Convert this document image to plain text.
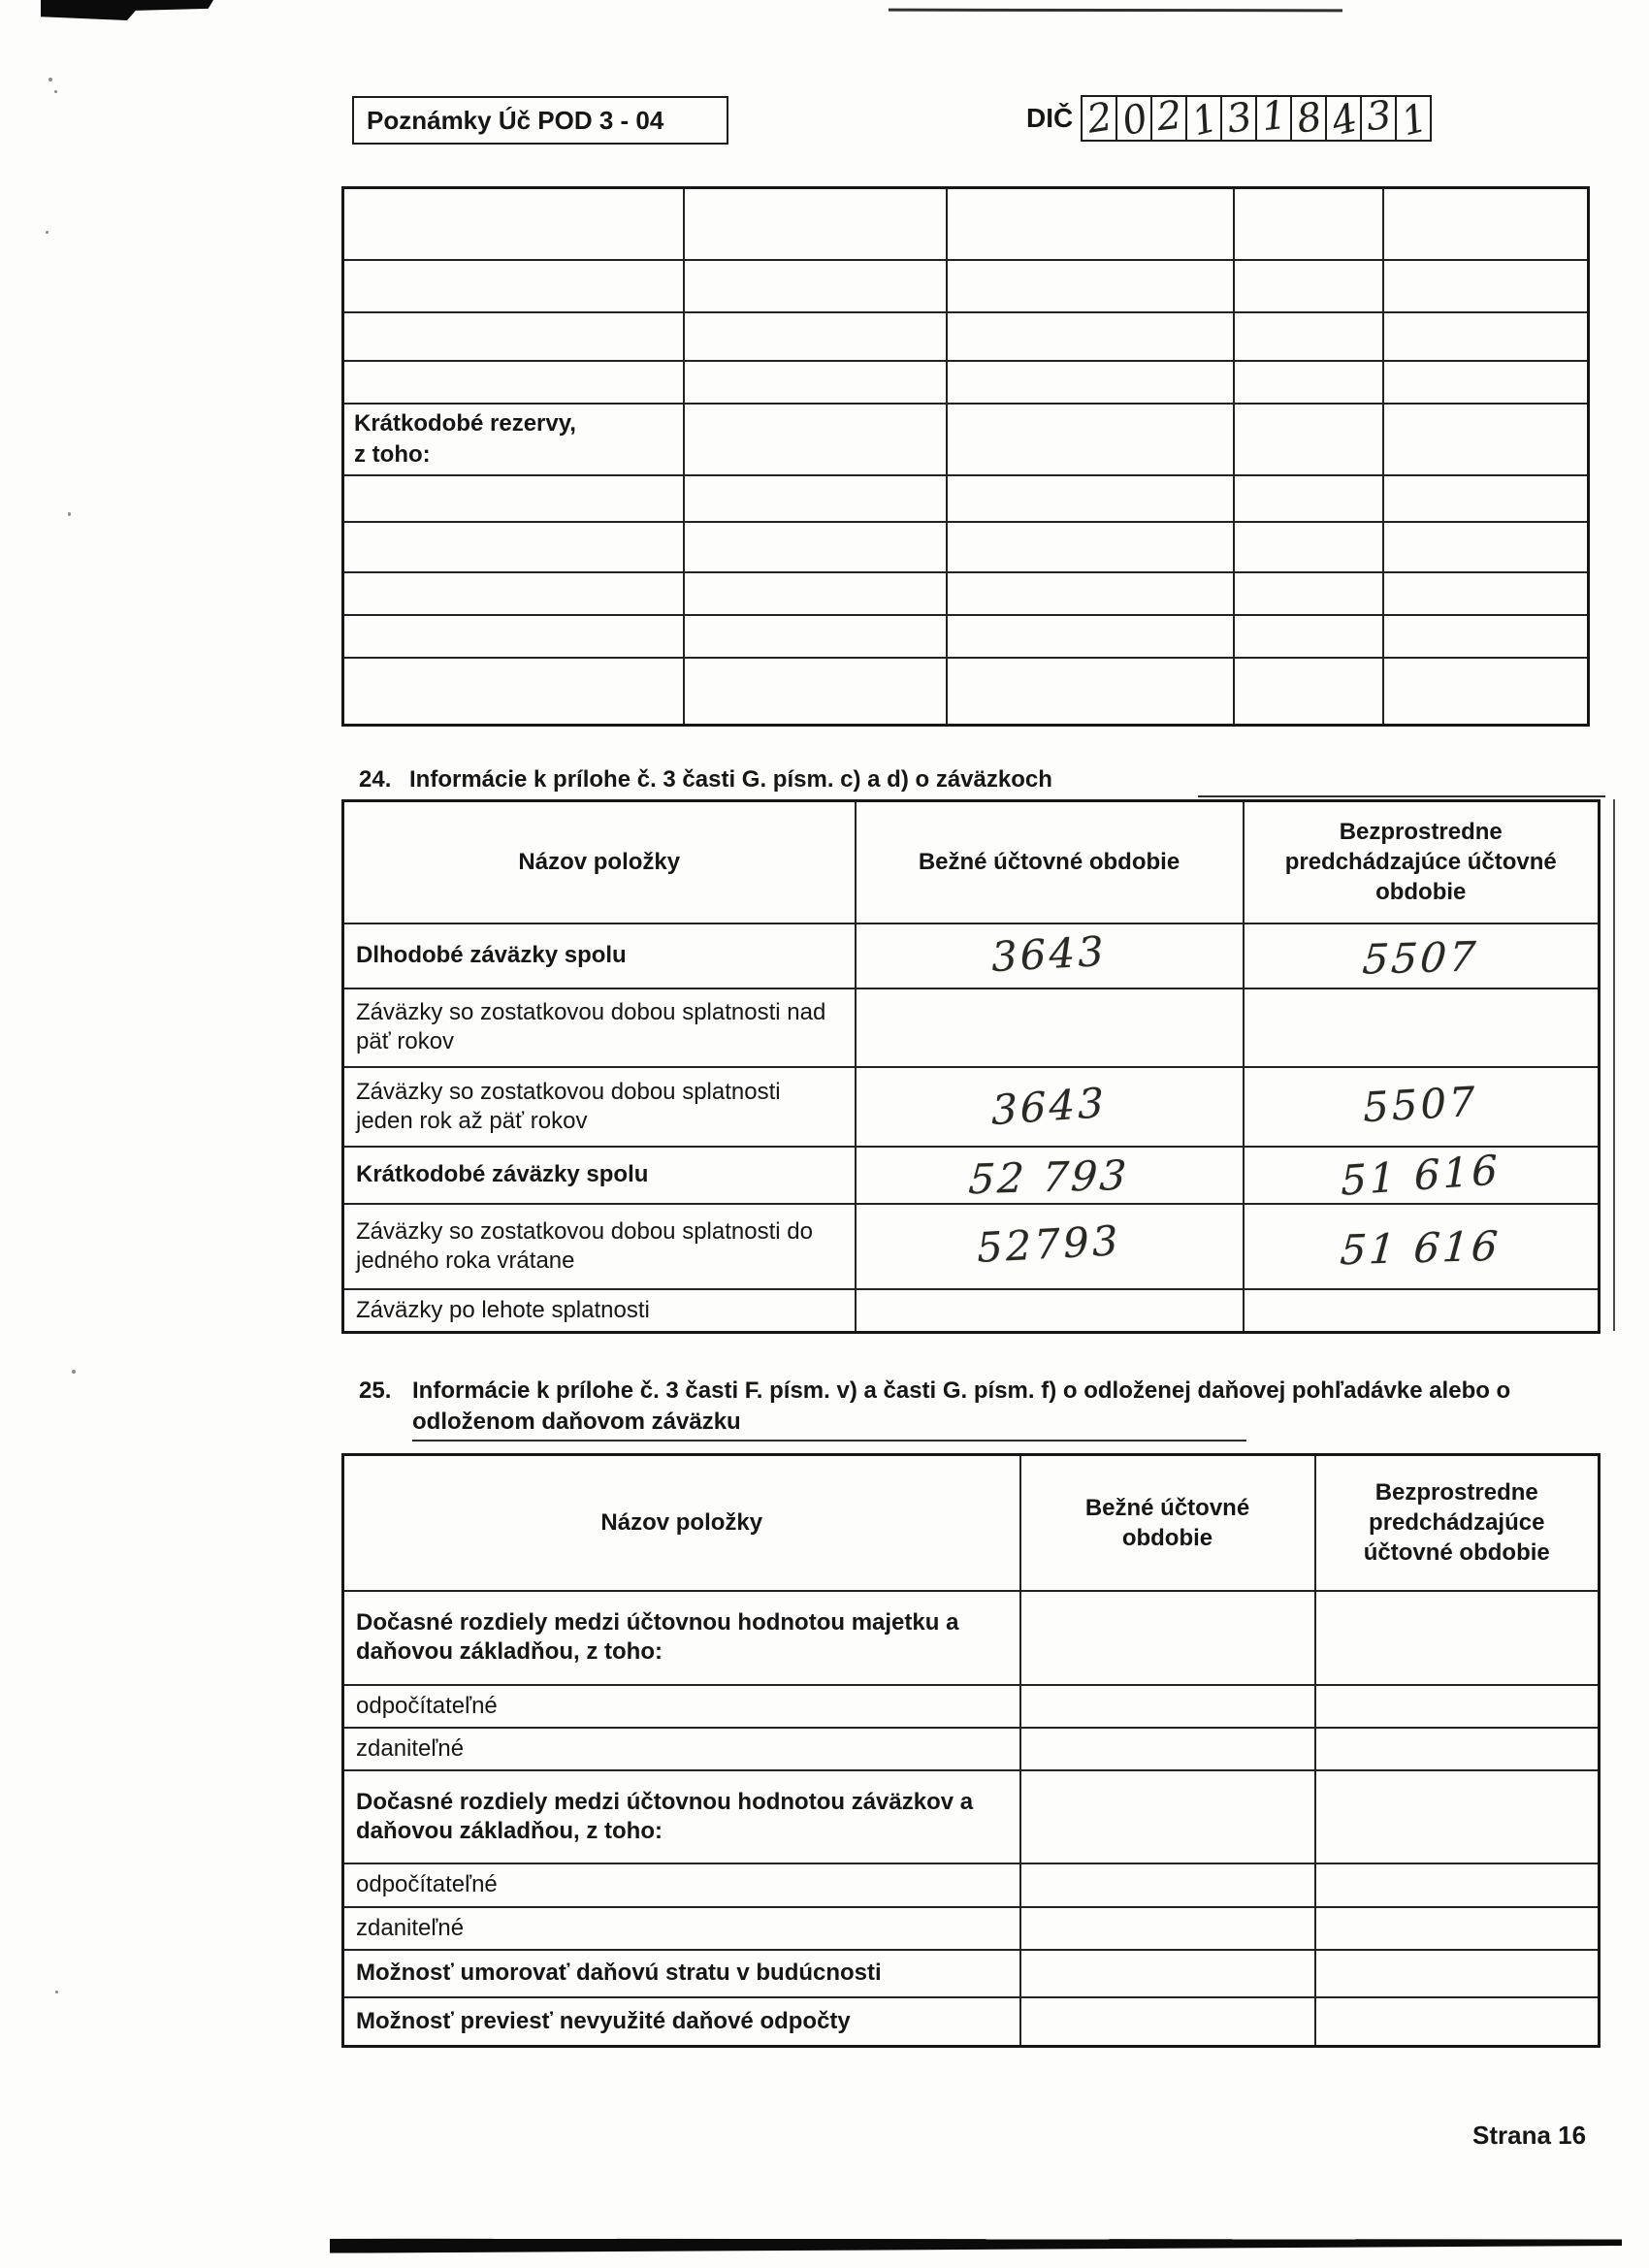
Poznámky Úč POD 3 - 04	DIČ 2 0 2 1 3 1 8 4 3 1

Krátkodobé rezervy,
z toho:				

24. Informácie k prílohe č. 3 časti G. písm. c) a d) o záväzkoch
Názov položky	Bežné účtovné obdobie	Bezprostredne predchádzajúce účtovné obdobie
Dlhodobé záväzky spolu	3643	5507
Záväzky so zostatkovou dobou splatnosti nad päť rokov		
Záväzky so zostatkovou dobou splatnosti jeden rok až päť rokov	3643	5507
Krátkodobé záväzky spolu	52 793	51 616
Záväzky so zostatkovou dobou splatnosti do jedného roka vrátane	52793	51 616
Záväzky po lehote splatnosti		
25. Informácie k prílohe č. 3 časti F. písm. v) a časti G. písm. f) o odloženej daňovej pohľadávke alebo o odloženom daňovom záväzku
Názov položky	Bežné účtovné obdobie	Bezprostredne predchádzajúce účtovné obdobie
Dočasné rozdiely medzi účtovnou hodnotou majetku a daňovou základňou, z toho:		
odpočítateľné		
zdaniteľné		
Dočasné rozdiely medzi účtovnou hodnotou záväzkov a daňovou základňou, z toho:		
odpočítateľné		
zdaniteľné		
Možnosť umorovať daňovú stratu v budúcnosti		
Možnosť previesť nevyužité daňové odpočty		
Strana 16
